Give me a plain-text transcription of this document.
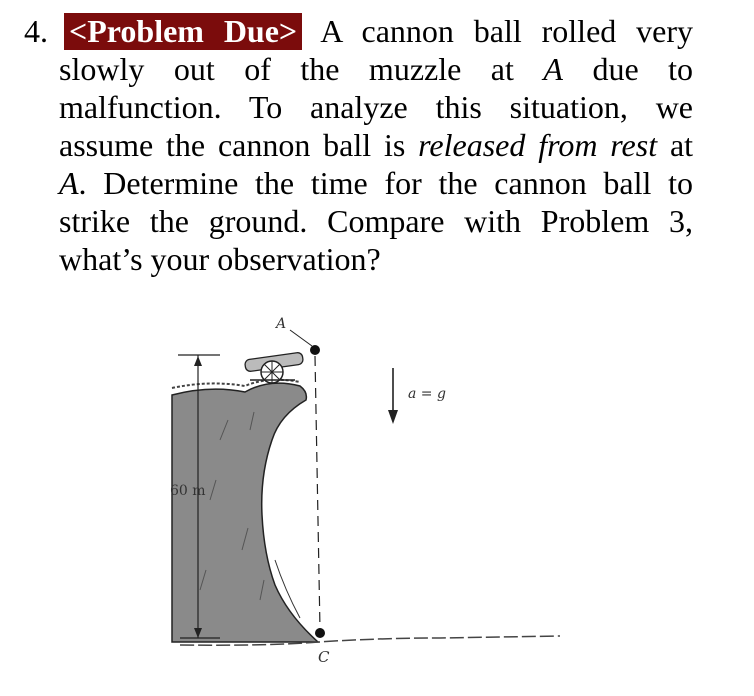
4. <Problem Due> A cannon ball rolled very
slowly out of the muzzle at A due to
malfunction. To analyze this situation, we
assume the cannon ball is released from rest at
A. Determine the time for the cannon ball to
strike the ground. Compare with Problem 3,
what’s your observation?
A
60 m
a = g
C
